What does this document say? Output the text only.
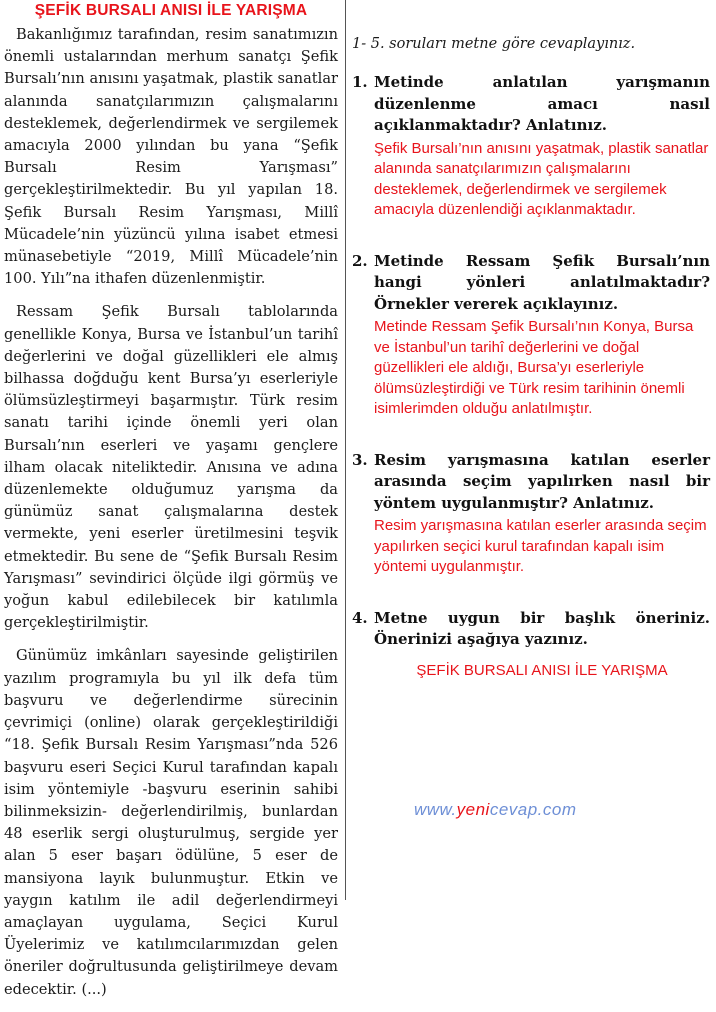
ŞEFİK BURSALI ANISI İLE YARIŞMA

Bakanlığımız tarafından, resim sanatımızın önemli ustalarından merhum sanatçı Şefik Bursalı’nın anısını yaşatmak, plastik sanatlar alanında sanatçılarımızın çalışmalarını desteklemek, değerlendirmek ve sergilemek amacıyla 2000 yılından bu yana “Şefik Bursalı Resim Yarışması” gerçekleştirilmektedir. Bu yıl yapılan 18. Şefik Bursalı Resim Yarışması, Millî Mücadele’nin yüzüncü yılına isabet etmesi münasebetiyle “2019, Millî Mücadele’nin 100. Yılı”na ithafen düzenlenmiştir.

Ressam Şefik Bursalı tablolarında genellikle Konya, Bursa ve İstanbul’un tarihî değerlerini ve doğal güzellikleri ele almış bilhassa doğduğu kent Bursa’yı eserleriyle ölümsüzleştirmeyi başarmıştır. Türk resim sanatı tarihi içinde önemli yeri olan Bursalı’nın eserleri ve yaşamı gençlere ilham olacak niteliktedir. Anısına ve adına düzenlemekte olduğumuz yarışma da günümüz sanat çalışmalarına destek vermekte, yeni eserler üretilmesini teşvik etmektedir. Bu sene de “Şefik Bursalı Resim Yarışması” sevindirici ölçüde ilgi görmüş ve yoğun kabul edilebilecek bir katılımla gerçekleştirilmiştir.

Günümüz imkânları sayesinde geliştirilen yazılım programıyla bu yıl ilk defa tüm başvuru ve değerlendirme sürecinin çevrimiçi (online) olarak gerçekleştirildiği “18. Şefik Bursalı Resim Yarışması”nda 526 başvuru eseri Seçici Kurul tarafından kapalı isim yöntemiyle -başvuru eserinin sahibi bilinmeksizin- değerlendirilmiş, bunlardan 48 eserlik sergi oluşturulmuş, sergide yer alan 5 eser başarı ödülüne, 5 eser de mansiyona layık bulunmuştur. Etkin ve yaygın katılım ile adil değerlendirmeyi amaçlayan uygulama, Seçici Kurul Üyelerimiz ve katılımcılarımızdan gelen öneriler doğrultusunda geliştirilmeye devam edecektir. (...)

1- 5. soruları metne göre cevaplayınız.
1. Metinde anlatılan yarışmanın düzenlenme amacı nasıl açıklanmaktadır? Anlatınız.
Şefik Bursalı’nın anısını yaşatmak, plastik sanatlar alanında sanatçılarımızın çalışmalarını desteklemek, değerlendirmek ve sergilemek amacıyla düzenlendiği açıklanmaktadır.
2. Metinde Ressam Şefik Bursalı’nın hangi yönleri anlatılmaktadır? Örnekler vererek açıklayınız.
Metinde Ressam Şefik Bursalı’nın Konya, Bursa ve İstanbul’un tarihî değerlerini ve doğal güzellikleri ele aldığı, Bursa’yı eserleriyle ölümsüzleştirdiği ve Türk resim tarihinin önemli isimlerimden olduğu anlatılmıştır.
3. Resim yarışmasına katılan eserler arasında seçim yapılırken nasıl bir yöntem uygulanmıştır? Anlatınız.
Resim yarışmasına katılan eserler arasında seçim yapılırken seçici kurul tarafından kapalı isim yöntemi uygulanmıştır.
4. Metne uygun bir başlık öneriniz. Önerinizi aşağıya yazınız.
ŞEFİK BURSALI ANISI İLE YARIŞMA
www.yenicevap.com
